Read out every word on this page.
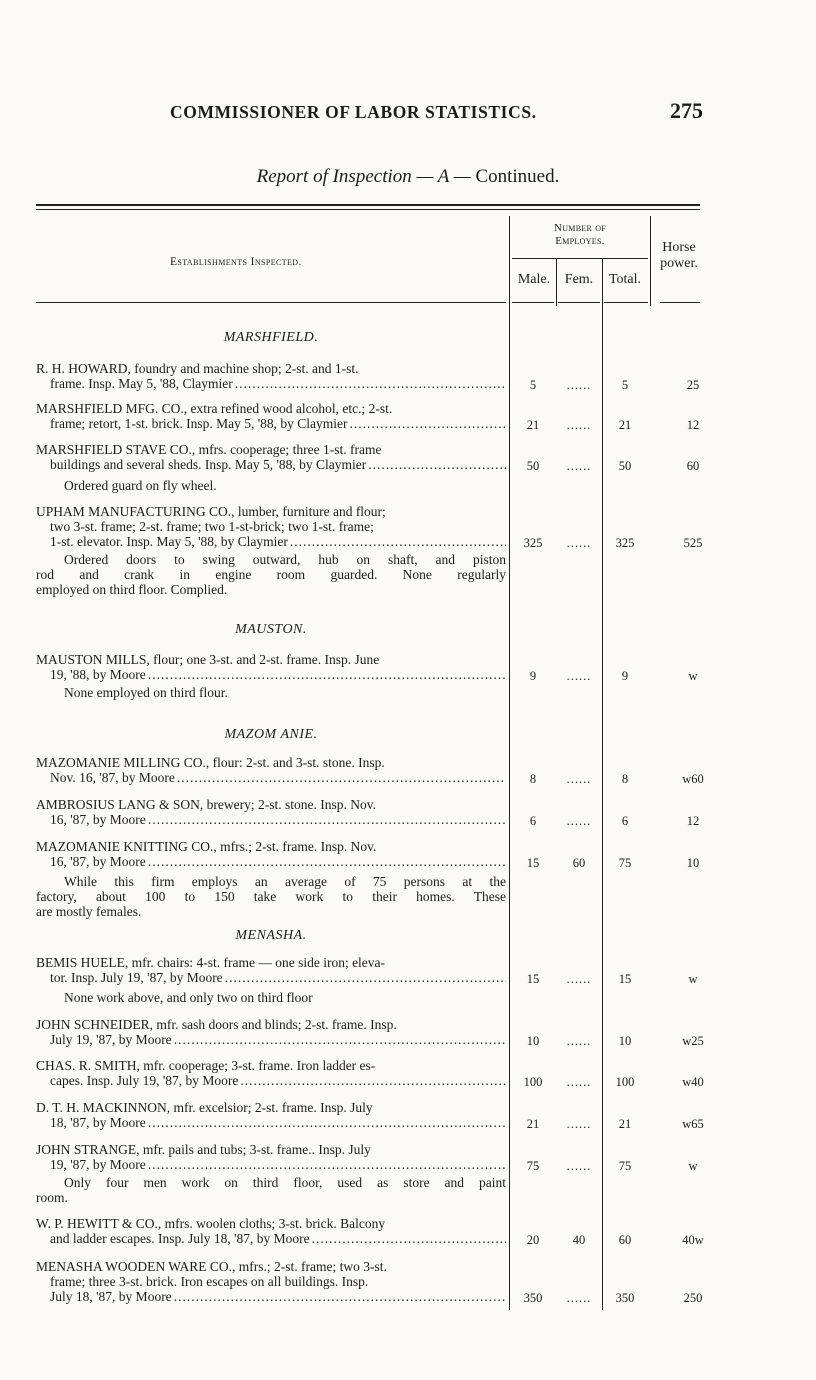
COMMISSIONER OF LABOR STATISTICS.	275
Report of Inspection — A — Continued.
Establishments Inspected.
Number of
Employes.
Male.	Fem.	Total.
Horse
power.
MARSHFIELD.
MAUSTON.
MAZOM ANIE.
MENASHA.
R. H. HOWARD, foundry and machine shop; 2-st. and 1-st.
frame. Insp. May 5, '88, Claymier .....	5	......	5	25
MARSHFIELD MFG. CO., extra refined wood alcohol, etc.; 2-st.
frame; retort, 1-st. brick. Insp. May 5, '88, by Claymier .....	21	......	21	12
MARSHFIELD STAVE CO., mfrs. cooperage; three 1-st. frame
buildings and several sheds. Insp. May 5, '88, by Claymier .....	50	......	50	60
Ordered guard on fly wheel.
UPHAM MANUFACTURING CO., lumber, furniture and flour;
two 3-st. frame; 2-st. frame; two 1-st-brick; two 1-st. frame;
1-st. elevator. Insp. May 5, '88, by Claymier .....	325	......	325	525
Ordered doors to swing outward, hub on shaft, and piston
rod and crank in engine room guarded. None regularly
employed on third floor. Complied.
MAUSTON MILLS, flour; one 3-st. and 2-st. frame. Insp. June
19, '88, by Moore .....	9	......	9	w
None employed on third flour.
MAZOMANIE MILLING CO., flour: 2-st. and 3-st. stone. Insp.
Nov. 16, '87, by Moore .....	8	......	8	w60
AMBROSIUS LANG & SON, brewery; 2-st. stone. Insp. Nov.
16, '87, by Moore .....	6	......	6	12
MAZOMANIE KNITTING CO., mfrs.; 2-st. frame. Insp. Nov.
16, '87, by Moore .....	15	60	75	10
While this firm employs an average of 75 persons at the
factory, about 100 to 150 take work to their homes. These
are mostly females.
BEMIS HUELE, mfr. chairs: 4-st. frame — one side iron; eleva-
tor. Insp. July 19, '87, by Moore .....	15	......	15	w
None work above, and only two on third floor
JOHN SCHNEIDER, mfr. sash doors and blinds; 2-st. frame. Insp.
July 19, '87, by Moore .....	10	......	10	w25
CHAS. R. SMITH, mfr. cooperage; 3-st. frame. Iron ladder es-
capes. Insp. July 19, '87, by Moore .....	100	......	100	w40
D. T. H. MACKINNON, mfr. excelsior; 2-st. frame. Insp. July
18, '87, by Moore .....	21	......	21	w65
JOHN STRANGE, mfr. pails and tubs; 3-st. frame.. Insp. July
19, '87, by Moore .....	75	......	75	w
Only four men work on third floor, used as store and paint
room.
W. P. HEWITT & CO., mfrs. woolen cloths; 3-st. brick. Balcony
and ladder escapes. Insp. July 18, '87, by Moore .....	20	40	60	40w
MENASHA WOODEN WARE CO., mfrs.; 2-st. frame; two 3-st.
frame; three 3-st. brick. Iron escapes on all buildings. Insp.
July 18, '87, by Moore .....	350	......	350	250
